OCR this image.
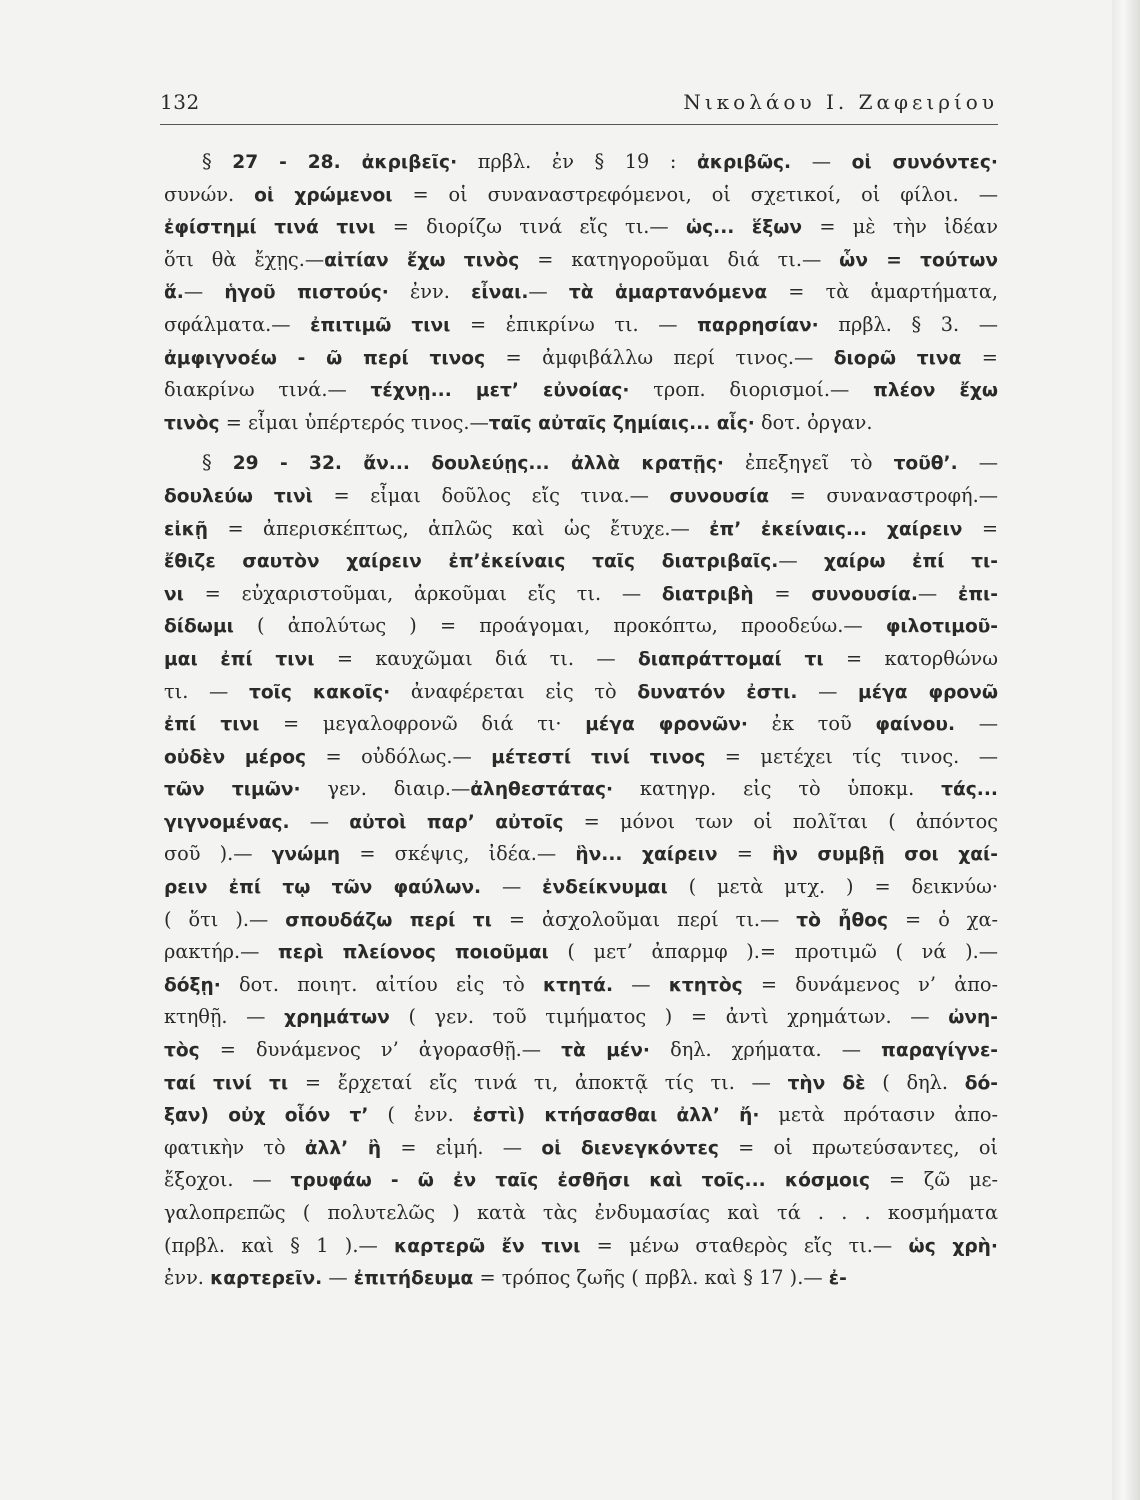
132	Νικολάου Ι. Ζαφειρίου
§ 27 - 28. ἀκριβεῖς· πρβλ. ἐν § 19 : ἀκριβῶς. — οἱ συνόντες·
συνών. οἱ χρώμενοι = οἱ συναναστρεφόμενοι, οἱ σχετικοί, οἱ φίλοι. —
ἐφίστημί τινά τινι = διορίζω τινά εἴς τι.— ὡς... ἕξων = μὲ τὴν ἰδέαν
ὅτι θὰ ἔχῃς.—αἰτίαν ἔχω τινὸς = κατηγοροῦμαι διά τι.— ὧν = τούτων
ἅ.— ἡγοῦ πιστούς· ἐνν. εἶναι.— τὰ ἁμαρτανόμενα = τὰ ἁμαρτήματα,
σφάλματα.— ἐπιτιμῶ τινι = ἐπικρίνω τι. — παρρησίαν· πρβλ. § 3. —
ἀμφιγνοέω - ῶ περί τινος = ἀμφιβάλλω περί τινος.— διορῶ τινα =
διακρίνω τινά.— τέχνῃ... μετ’ εὐνοίας· τροπ. διορισμοί.— πλέον ἔχω
τινὸς = εἶμαι ὑπέρτερός τινος.—ταῖς αὐταῖς ζημίαις... αἷς· δοτ. ὀργαν.
§ 29 - 32. ἄν... δουλεύῃς... ἀλλὰ κρατῇς· ἐπεξηγεῖ τὸ τοῦθ’. —
δουλεύω τινὶ = εἶμαι δοῦλος εἴς τινα.— συνουσία = συναναστροφή.—
εἰκῇ = ἀπερισκέπτως, ἁπλῶς καὶ ὡς ἔτυχε.— ἐπ’ ἐκείναις... χαίρειν =
ἔθιζε σαυτὸν χαίρειν ἐπ’ἐκείναις ταῖς διατριβαῖς.— χαίρω ἐπί τι-
νι = εὐχαριστοῦμαι, ἀρκοῦμαι εἴς τι. — διατριβὴ = συνουσία.— ἐπι-
δίδωμι ( ἀπολύτως ) = προάγομαι, προκόπτω, προοδεύω.— φιλοτιμοῦ-
μαι ἐπί τινι = καυχῶμαι διά τι. — διαπράττομαί τι = κατορθώνω
τι. — τοῖς κακοῖς· ἀναφέρεται εἰς τὸ δυνατόν ἐστι. — μέγα φρονῶ
ἐπί τινι = μεγαλοφρονῶ διά τι· μέγα φρονῶν· ἐκ τοῦ φαίνου. —
οὐδὲν μέρος = οὐδόλως.— μέτεστί τινί τινος = μετέχει τίς τινος. —
τῶν τιμῶν· γεν. διαιρ.—ἀληθεστάτας· κατηγρ. εἰς τὸ ὑποκμ. τάς...
γιγνομένας. — αὐτοὶ παρ’ αὐτοῖς = μόνοι των οἱ πολῖται ( ἀπόντος
σοῦ ).— γνώμη = σκέψις, ἰδέα.— ἣν... χαίρειν = ἣν συμβῇ σοι χαί-
ρειν ἐπί τῳ τῶν φαύλων. — ἐνδείκνυμαι ( μετὰ μτχ. ) = δεικνύω·
( ὅτι ).— σπουδάζω περί τι = ἀσχολοῦμαι περί τι.— τὸ ἦθος = ὁ χα-
ρακτήρ.— περὶ πλείονος ποιοῦμαι ( μετ’ ἀπαρμφ ).= προτιμῶ ( νά ).—
δόξῃ· δοτ. ποιητ. αἰτίου εἰς τὸ κτητά. — κτητὸς = δυνάμενος ν’ ἀπο-
κτηθῇ. — χρημάτων ( γεν. τοῦ τιμήματος ) = ἀντὶ χρημάτων. — ὠνη-
τὸς = δυνάμενος ν’ ἀγορασθῇ.— τὰ μέν· δηλ. χρήματα. — παραγίγνε-
ταί τινί τι = ἔρχεταί εἴς τινά τι, ἀποκτᾷ τίς τι. — τὴν δὲ ( δηλ. δό-
ξαν) οὐχ οἷόν τ’ ( ἐνν. ἐστὶ) κτήσασθαι ἀλλ’ ἤ· μετὰ πρότασιν ἀπο-
φατικὴν τὸ ἀλλ’ ἢ = εἰμή. — οἱ διενεγκόντες = οἱ πρωτεύσαντες, οἱ
ἔξοχοι. — τρυφάω - ῶ ἐν ταῖς ἐσθῆσι καὶ τοῖς... κόσμοις = ζῶ με-
γαλοπρεπῶς ( πολυτελῶς ) κατὰ τὰς ἐνδυμασίας καὶ τά . . . κοσμήματα
(πρβλ. καὶ § 1 ).— καρτερῶ ἔν τινι = μένω σταθερὸς εἴς τι.— ὡς χρὴ·
ἐνν. καρτερεῖν. — ἐπιτήδευμα = τρόπος ζωῆς ( πρβλ. καὶ § 17 ).— ἐ-
